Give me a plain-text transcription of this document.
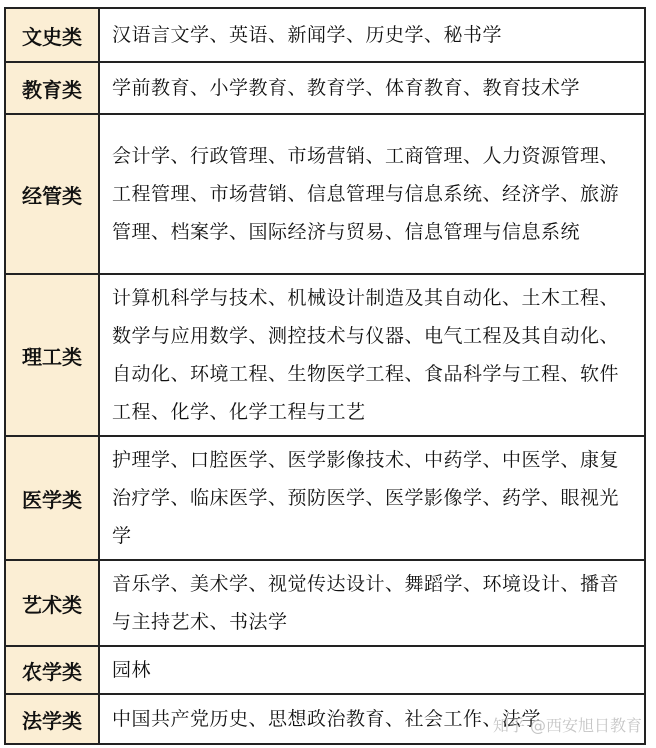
文史类	汉语言文学、英语、新闻学、历史学、秘书学
教育类	学前教育、小学教育、教育学、体育教育、教育技术学
经管类	会计学、行政管理、市场营销、工商管理、人力资源管理、工程管理、市场营销、信息管理与信息系统、经济学、旅游管理、档案学、国际经济与贸易、信息管理与信息系统
理工类	计算机科学与技术、机械设计制造及其自动化、土木工程、数学与应用数学、测控技术与仪器、电气工程及其自动化、自动化、环境工程、生物医学工程、食品科学与工程、软件工程、化学、化学工程与工艺
医学类	护理学、口腔医学、医学影像技术、中药学、中医学、康复治疗学、临床医学、预防医学、医学影像学、药学、眼视光学
艺术类	音乐学、美术学、视觉传达设计、舞蹈学、环境设计、播音与主持艺术、书法学
农学类	园林
法学类	中国共产党历史、思想政治教育、社会工作、法学
知乎 @西安旭日教育
